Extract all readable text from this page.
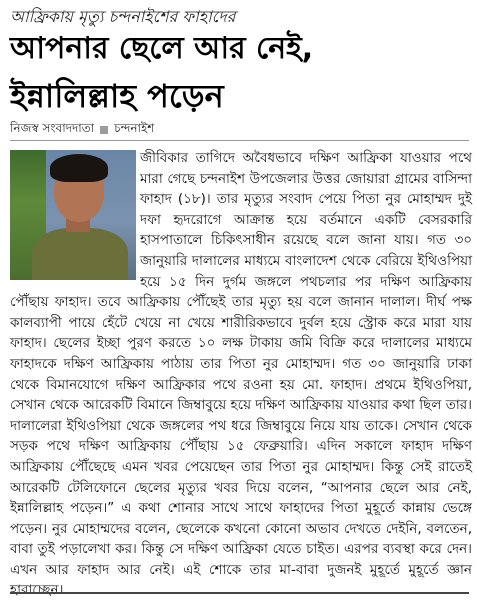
আফ্রিকায় মৃত্যু চন্দনাইশের ফাহাদের
আপনার ছেলে আর নেই,
ইন্নালিল্লাহ পড়েন
নিজস্ব সংবাদদাতা চন্দনাইশ
জীবিকার তাগিদে অবৈধভাবে দক্ষিণ আফ্রিকা যাওয়ার পথে মারা গেছে চন্দনাইশ উপজেলার উত্তর জোয়ারা গ্রামের বাসিন্দা ফাহাদ (১৮)। তার মৃত্যুর সংবাদ পেয়ে পিতা নুর মোহাম্মদ দুই দফা হৃদরোগে আক্রান্ত হয়ে বর্তমানে একটি বেসরকারি হাসপাতালে চিকিৎসাধীন রয়েছে বলে জানা যায়। গত ৩০ জানুয়ারি দালালের মাধ্যমে বাংলাদেশ থেকে বেরিয়ে ইথিওপিয়া হয়ে ১৫ দিন দুর্গম জঙ্গলে পথচলার পর দক্ষিণ আফ্রিকায় পৌঁছায় ফাহাদ। তবে আফ্রিকায় পৌঁছেই তার মৃত্যু হয় বলে জানান দালাল। দীর্ঘ পক্ষ কালব্যাপী পায়ে হেঁটে খেয়ে না খেয়ে শারীরিকভাবে দুর্বল হয়ে স্ট্রোক করে মারা যায় ফাহাদ। ছেলের ইচ্ছা পুরণ করতে ১০ লক্ষ টাকায় জমি বিক্রি করে দালালের মাধ্যমে ফাহাদকে দক্ষিণ আফ্রিকায় পাঠায় তার পিতা নুর মোহাম্মদ। গত ৩০ জানুয়ারি ঢাকা থেকে বিমানযোগে দক্ষিণ আফ্রিকার পথে রওনা হয় মো. ফাহাদ। প্রথমে ইথিওপিয়া, সেখান থেকে আরেকটি বিমানে জিম্বাবুয়ে হয়ে দক্ষিণ আফ্রিকায় যাওয়ার কথা ছিল তার। দালালেরা ইথিওপিয়া থেকে জঙ্গলের পথ ধরে জিম্বাবুয়ে নিয়ে যায় তাকে। সেখান থেকে সড়ক পথে দক্ষিণ আফ্রিকায় পৌঁছায় ১৫ ফেব্রুয়ারি। এদিন সকালে ফাহাদ দক্ষিণ আফ্রিকায় পৌঁছেছে এমন খবর পেয়েছেন তার পিতা নুর মোহাম্মদ। কিন্তু সেই রাতেই আরেকটি টেলিফোনে ছেলের মৃত্যুর খবর দিয়ে বলেন, “আপনার ছেলে আর নেই, ইন্নালিল্লাহ পড়েন।” এ কথা শোনার সাথে সাথে ফাহাদের পিতা মুহূর্তে কান্নায় ভেঙ্গে পড়েন। নুর মোহাম্মদের বলেন, ছেলেকে কখনো কোনো অভাব দেখতে দেইনি, বলতেন, বাবা তুই পড়ালেখা কর। কিন্তু সে দক্ষিণ আফ্রিকা যেতে চাইত। এরপর ব্যবস্থা করে দেন। এখন আর ফাহাদ আর নেই। এই শোকে তার মা-বাবা দুজনই মুহূর্তে মুহূর্তে জ্ঞান হারাচ্ছেন।
